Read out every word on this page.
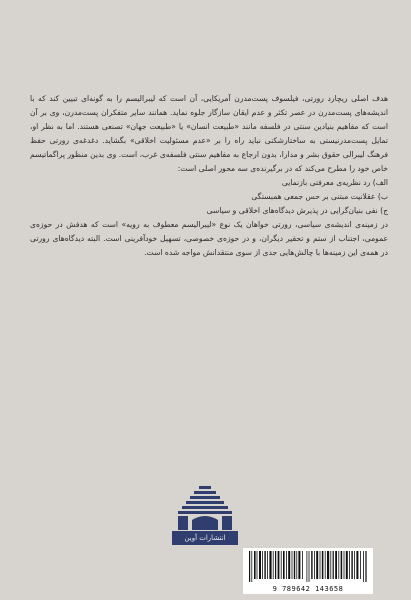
هدف اصلی ریچارد رورتی، فیلسوف پست‌مدرن آمریکایی، آن است که لیبرالیسم را به گونه‌ای تبیین کند که با اندیشه‌های پست‌مدرن در عصر تکثر و عدم ایقان سازگار جلوه نماید. همانند سایر متفکران پست‌مدرن، وی بر آن است که مفاهیم بنیادین سنتی در فلسفه مانند «طبیعت انسان» یا «طبیعت جهان» تصنعی هستند. اما به نظر او، تمایل پست‌مدرنیستی به ساختارشکنی نباید راه را بر «عدم مسئولیت اخلاقی» بگشاید. دغدغه‌ی رورتی حفظ فرهنگ لیبرالی حقوق بشر و مدارا، بدون ارجاع به مفاهیم سنتی فلسفه‌ی غرب، است. وی بدین منظور پراگماتیسم خاص خود را مطرح می‌کند که در برگیرنده‌ی سه محور اصلی است:

الف) رد نظریه‌ی معرفتی بازنمایی

ب) عقلانیت مبتنی بر حس جمعی همبستگی

ج) نفی بنیان‌گرایی در پذیرش دیدگاه‌های اخلاقی و سیاسی

در زمینه‌ی اندیشه‌ی سیاسی، رورتی خواهان یک نوع «لیبرالیسم معطوف به رویه» است که هدفش در حوزه‌ی عمومی، اجتناب از ستم و تحقیر دیگران، و در حوزه‌ی خصوصی، تسهیل خودآفرینی است. البته دیدگاه‌های رورتی در همه‌ی این زمینه‌ها با چالش‌هایی جدی از سوی منتقدانش مواجه شده است.

انتشارات آوین
9 789642 143658
